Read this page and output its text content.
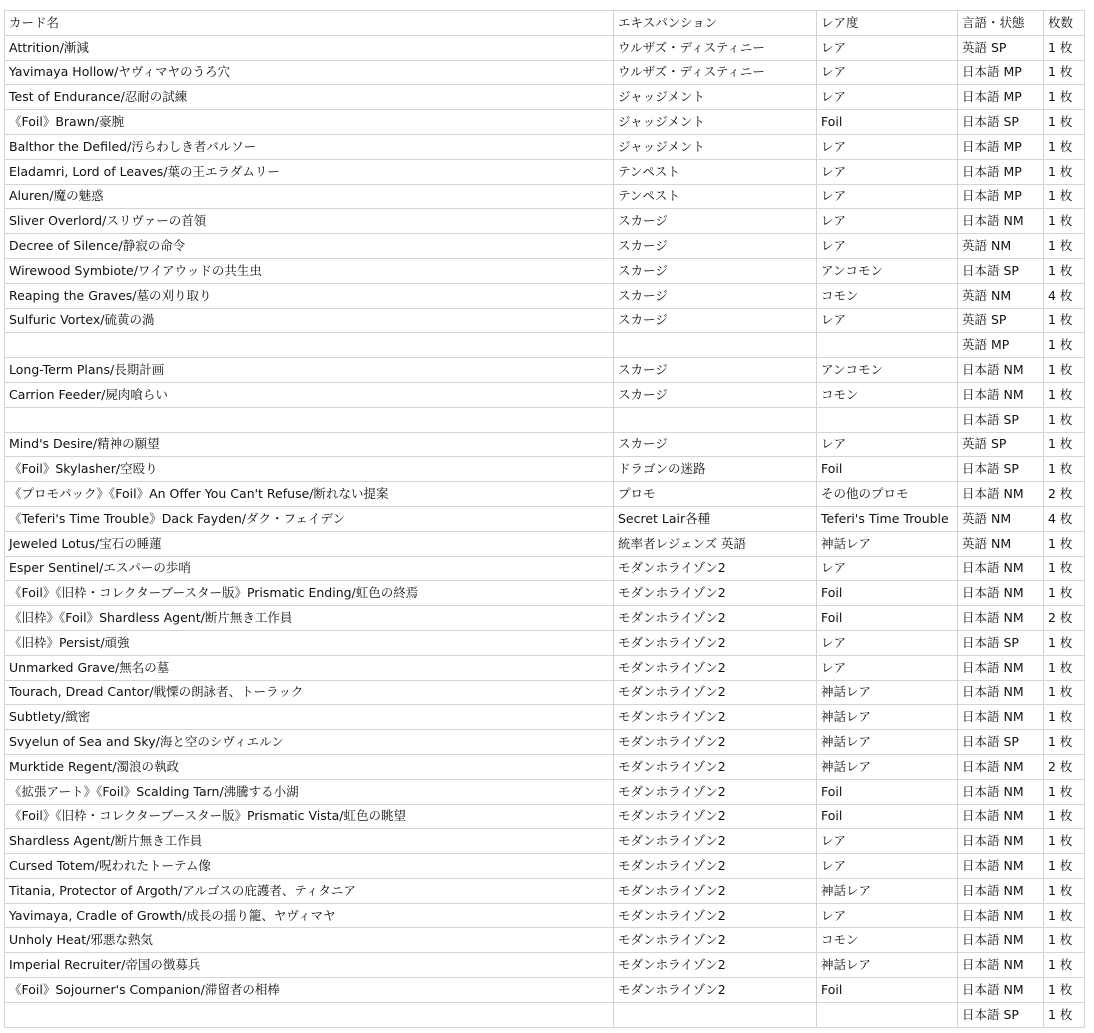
カード名	エキスパンション	レア度	言語・状態	枚数
Attrition/漸減	ウルザズ・ディスティニー	レア	英語 SP	1 枚
Yavimaya Hollow/ヤヴィマヤのうろ穴	ウルザズ・ディスティニー	レア	日本語 MP	1 枚
Test of Endurance/忍耐の試練	ジャッジメント	レア	日本語 MP	1 枚
《Foil》Brawn/豪腕	ジャッジメント	Foil	日本語 SP	1 枚
Balthor the Defiled/汚らわしき者バルソー	ジャッジメント	レア	日本語 MP	1 枚
Eladamri, Lord of Leaves/葉の王エラダムリー	テンペスト	レア	日本語 MP	1 枚
Aluren/魔の魅惑	テンペスト	レア	日本語 MP	1 枚
Sliver Overlord/スリヴァーの首領	スカージ	レア	日本語 NM	1 枚
Decree of Silence/静寂の命令	スカージ	レア	英語 NM	1 枚
Wirewood Symbiote/ワイアウッドの共生虫	スカージ	アンコモン	日本語 SP	1 枚
Reaping the Graves/墓の刈り取り	スカージ	コモン	英語 NM	4 枚
Sulfuric Vortex/硫黄の渦	スカージ	レア	英語 SP	1 枚
			英語 MP	1 枚
Long-Term Plans/長期計画	スカージ	アンコモン	日本語 NM	1 枚
Carrion Feeder/屍肉喰らい	スカージ	コモン	日本語 NM	1 枚
			日本語 SP	1 枚
Mind's Desire/精神の願望	スカージ	レア	英語 SP	1 枚
《Foil》Skylasher/空殴り	ドラゴンの迷路	Foil	日本語 SP	1 枚
《プロモパック》《Foil》An Offer You Can't Refuse/断れない提案	プロモ	その他のプロモ	日本語 NM	2 枚
《Teferi's Time Trouble》Dack Fayden/ダク・フェイデン	Secret Lair各種	Teferi's Time Trouble	英語 NM	4 枚
Jeweled Lotus/宝石の睡蓮	統率者レジェンズ 英語	神話レア	英語 NM	1 枚
Esper Sentinel/エスパーの歩哨	モダンホライゾン2	レア	日本語 NM	1 枚
《Foil》《旧枠・コレクターブースター版》Prismatic Ending/虹色の終焉	モダンホライゾン2	Foil	日本語 NM	1 枚
《旧枠》《Foil》Shardless Agent/断片無き工作員	モダンホライゾン2	Foil	日本語 NM	2 枚
《旧枠》Persist/頑強	モダンホライゾン2	レア	日本語 SP	1 枚
Unmarked Grave/無名の墓	モダンホライゾン2	レア	日本語 NM	1 枚
Tourach, Dread Cantor/戦慄の朗詠者、トーラック	モダンホライゾン2	神話レア	日本語 NM	1 枚
Subtlety/緻密	モダンホライゾン2	神話レア	日本語 NM	1 枚
Svyelun of Sea and Sky/海と空のシヴィエルン	モダンホライゾン2	神話レア	日本語 SP	1 枚
Murktide Regent/濁浪の執政	モダンホライゾン2	神話レア	日本語 NM	2 枚
《拡張アート》《Foil》Scalding Tarn/沸騰する小湖	モダンホライゾン2	Foil	日本語 NM	1 枚
《Foil》《旧枠・コレクターブースター版》Prismatic Vista/虹色の眺望	モダンホライゾン2	Foil	日本語 NM	1 枚
Shardless Agent/断片無き工作員	モダンホライゾン2	レア	日本語 NM	1 枚
Cursed Totem/呪われたトーテム像	モダンホライゾン2	レア	日本語 NM	1 枚
Titania, Protector of Argoth/アルゴスの庇護者、ティタニア	モダンホライゾン2	神話レア	日本語 NM	1 枚
Yavimaya, Cradle of Growth/成長の揺り籠、ヤヴィマヤ	モダンホライゾン2	レア	日本語 NM	1 枚
Unholy Heat/邪悪な熱気	モダンホライゾン2	コモン	日本語 NM	1 枚
Imperial Recruiter/帝国の徴募兵	モダンホライゾン2	神話レア	日本語 NM	1 枚
《Foil》Sojourner's Companion/滞留者の相棒	モダンホライゾン2	Foil	日本語 NM	1 枚
			日本語 SP	1 枚
